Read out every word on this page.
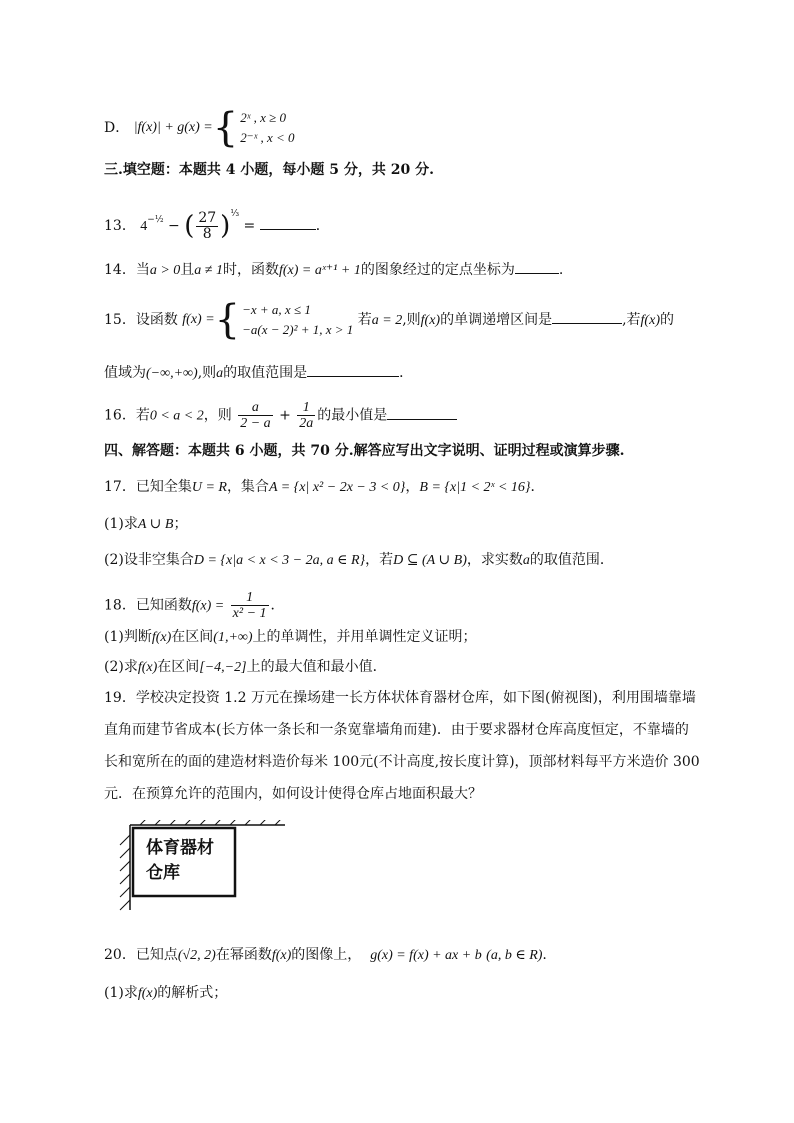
D． |f(x)| + g(x) = { 2ˣ , x ≥ 0
2⁻ˣ , x < 0
三.填空题：本题共 4 小题，每小题 5 分，共 20 分.
13． $4^{-\frac{1}{2}}$ − ( $\frac{27}{8} )^{\frac{1}{3}}$ =	．
14．当a > 0且a ≠ 1时，函数f(x) = aˣ⁺¹ + 1的图象经过的定点坐标为	.
15．设函数 f(x) = { −x + a, x ≤ 1
−a(x − 2)² + 1, x > 1
若a = 2,则f(x)的单调递增区间是	,若f(x)的
值域为(−∞,+∞),则a的取值范围是	．
16．若0 < a < 2，则 $\frac{a}{2 - a} + \frac{1}{2a}$ 的最小值是
四、解答题：本题共 6 小题，共 70 分.解答应写出文字说明、证明过程或演算步骤.
17．已知全集U = R，集合A = {x| x² − 2x − 3 < 0}，B = {x|1 < 2ˣ < 16}．
(1)求A ∪ B；
(2)设非空集合D = {x|a < x < 3 − 2a, a ∈ R}，若D ⊆ (A ∪ B)，求实数a的取值范围．
18．已知函数$f(x) = \frac{1}{\text{x² − 1}}$ ．
(1)判断f(x)在区间(1,+∞)上的单调性，并用单调性定义证明；
(2)求f(x)在区间[−4,−2]上的最大值和最小值．
19．学校决定投资 1.2 万元在操场建一长方体状体育器材仓库，如下图(俯视图)，利用围墙靠墙
直角而建节省成本(长方体一条长和一条宽靠墙角而建)．由于要求器材仓库高度恒定，不靠墙的
长和宽所在的面的建造材料造价每米 100元(不计高度,按长度计算)，顶部材料每平方米造价 300
元．在预算允许的范围内，如何设计使得仓库占地面积最大？
体育器材
仓库
20．已知点(√2, 2)在幂函数f(x)的图像上， g(x) = f(x) + ax + b (a, b ∈ R).
(1)求f(x)的解析式；
